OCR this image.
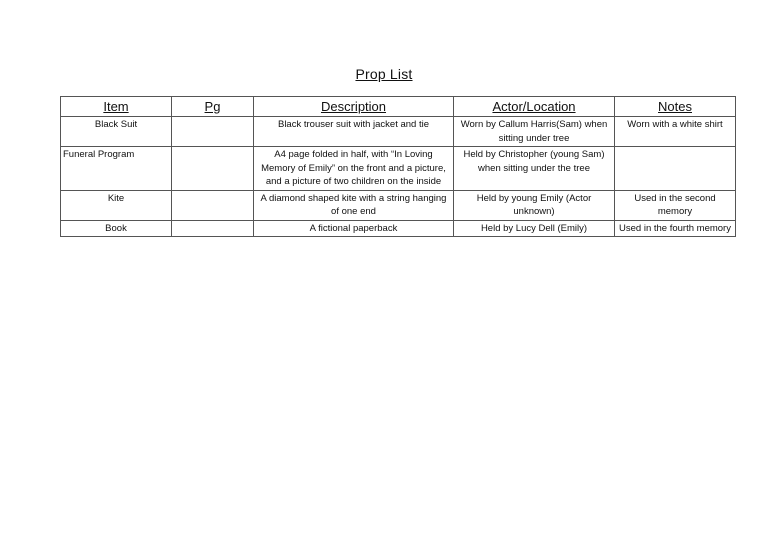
Prop List
Item	Pg	Description	Actor/Location	Notes
Black Suit		Black trouser suit with jacket and tie	Worn by Callum Harris(Sam) when sitting under tree	Worn with a white shirt
Funeral Program		A4 page folded in half, with “In Loving Memory of Emily” on the front and a picture, and a picture of two children on the inside	Held by Christopher (young Sam) when sitting under the tree	
Kite		A diamond shaped kite with a string hanging of one end	Held by young Emily (Actor unknown)	Used in the second memory
Book		A fictional paperback	Held by Lucy Dell (Emily)	Used in the fourth memory
